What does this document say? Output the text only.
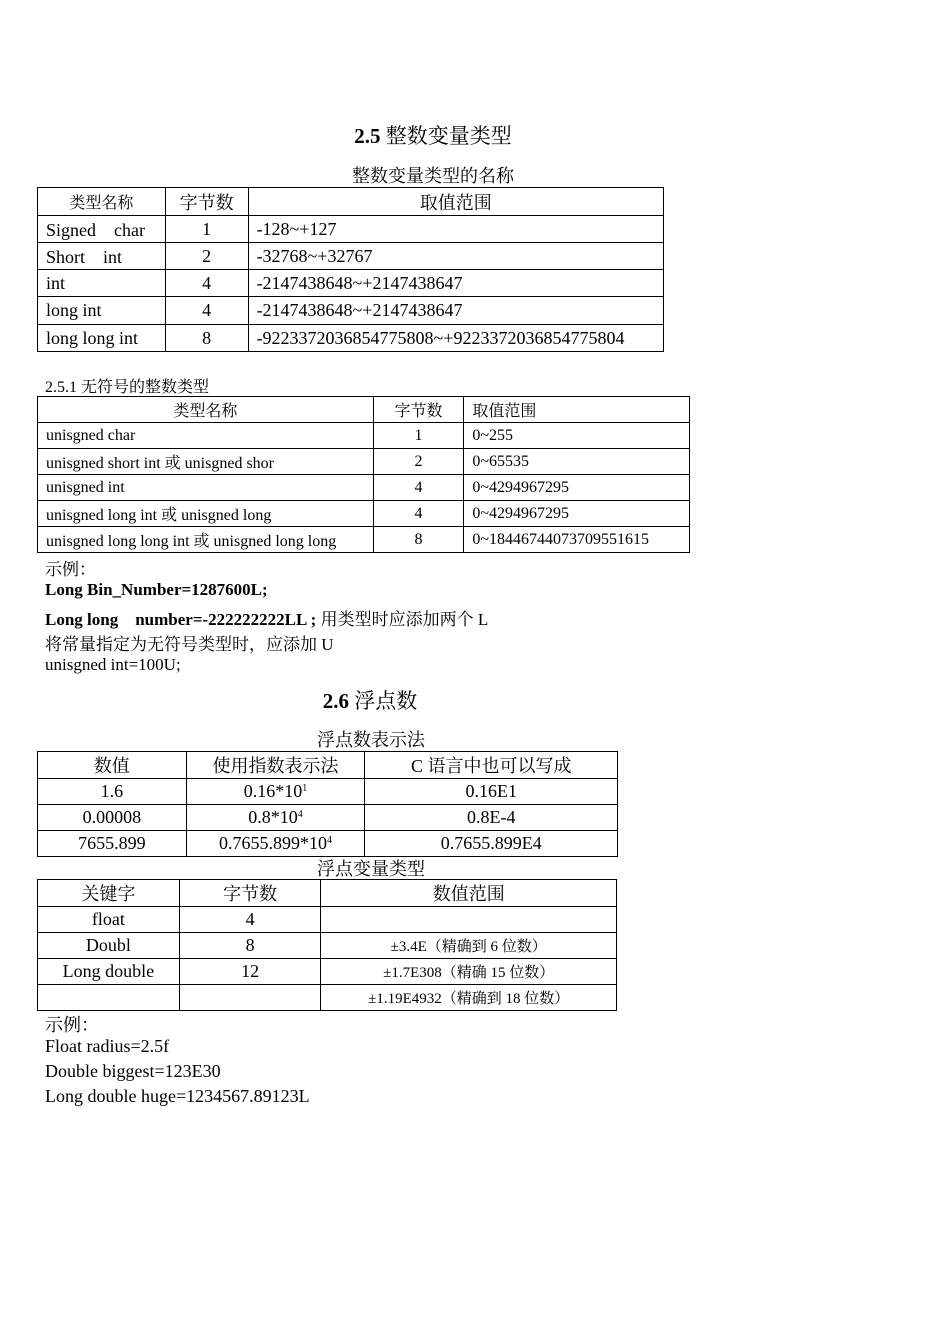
2.5 整数变量类型
整数变量类型的名称
类型名称	字节数	取值范围
Signed　char	1	-128~+127
Short　int	2	-32768~+32767
int	4	-2147438648~+2147438647
long int	4	-2147438648~+2147438647
long long int	8	-9223372036854775808~+9223372036854775804
2.5.1 无符号的整数类型
类型名称	字节数	取值范围
unisgned char	1	0~255
unisgned short int 或 unisgned shor	2	0~65535
unisgned int	4	0~4294967295
unisgned long int 或 unisgned long	4	0~4294967295
unisgned long long int 或 unisgned long long	8	0~18446744073709551615
示例：
Long Bin_Number=1287600L;
Long long　number=-222222222LL ; 用类型时应添加两个 L
将常量指定为无符号类型时，应添加 U
unisgned int=100U;
2.6 浮点数
浮点数表示法
数值	使用指数表示法	C 语言中也可以写成
1.6	$0.16*10^1$	0.16E1
0.00008	$0.8*10^4$	0.8E-4
7655.899	$0.7655.899*10^4$	0.7655.899E4
浮点变量类型
关键字	字节数	数值范围
float	4	
Doubl	8	±3.4E（精确到 6 位数）
Long double	12	±1.7E308（精确 15 位数）
		±1.19E4932（精确到 18 位数）
示例：
Float radius=2.5f
Double biggest=123E30
Long double huge=1234567.89123L
